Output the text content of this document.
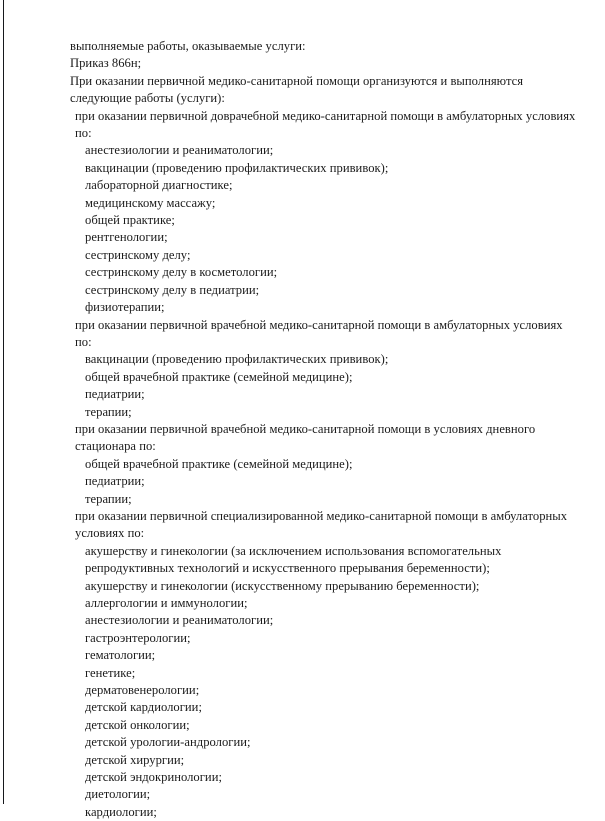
выполняемые работы, оказываемые услуги:

Приказ 866н;

При оказании первичной медико-санитарной помощи организуются и выполняются следующие работы (услуги):

при оказании первичной доврачебной медико-санитарной помощи в амбулаторных условиях по:

анестезиологии и реаниматологии;

вакцинации (проведению профилактических прививок);

лабораторной диагностике;

медицинскому массажу;

общей практике;

рентгенологии;

сестринскому делу;

сестринскому делу в косметологии;

сестринскому делу в педиатрии;

физиотерапии;

при оказании первичной врачебной медико-санитарной помощи в амбулаторных условиях по:

вакцинации (проведению профилактических прививок);

общей врачебной практике (семейной медицине);

педиатрии;

терапии;

при оказании первичной врачебной медико-санитарной помощи в условиях дневного стационара по:

общей врачебной практике (семейной медицине);

педиатрии;

терапии;

при оказании первичной специализированной медико-санитарной помощи в амбулаторных условиях по:

акушерству и гинекологии (за исключением использования вспомогательных репродуктивных технологий и искусственного прерывания беременности);

акушерству и гинекологии (искусственному прерыванию беременности);

аллергологии и иммунологии;

анестезиологии и реаниматологии;

гастроэнтерологии;

гематологии;

генетике;

дерматовенерологии;

детской кардиологии;

детской онкологии;

детской урологии-андрологии;

детской хирургии;

детской эндокринологии;

диетологии;

кардиологии;
